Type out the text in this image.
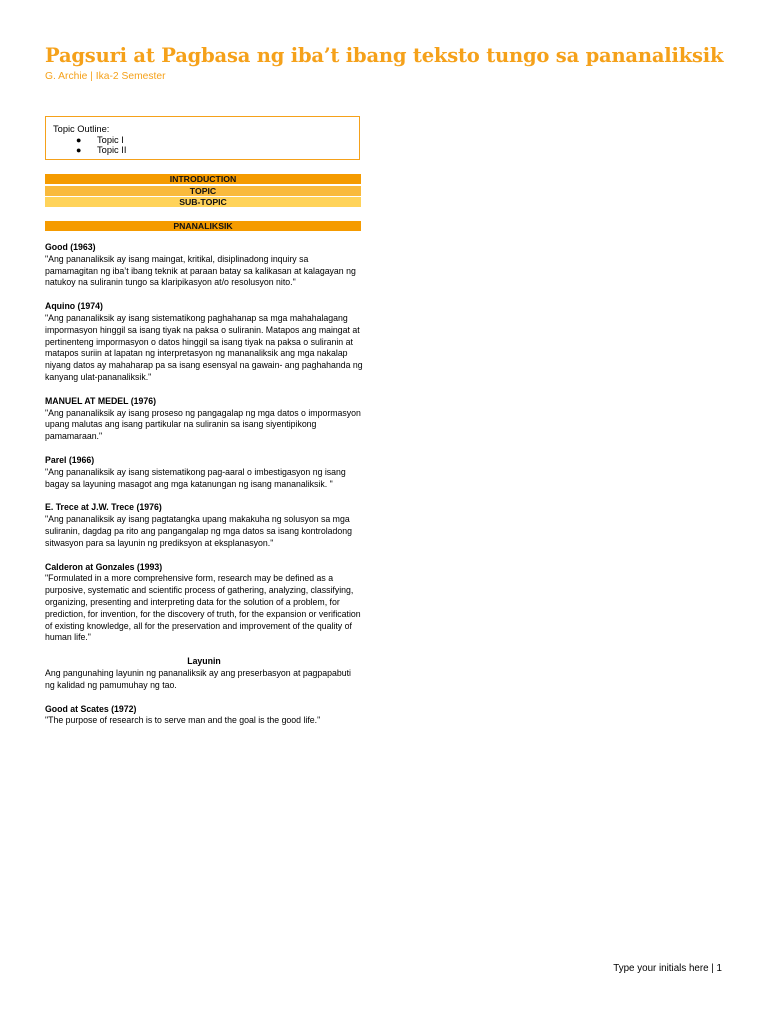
Pagsuri at Pagbasa ng iba’t ibang teksto tungo sa pananaliksik
G. Archie | Ika-2 Semester
Topic Outline:
● Topic I
● Topic II
INTRODUCTION
TOPIC
SUB-TOPIC
PNANALIKSIK
Good (1963)
"Ang pananaliksik ay isang maingat, kritikal, disiplinadong inquiry sa pamamagitan ng iba’t ibang teknik at paraan batay sa kalikasan at kalagayan ng natukoy na suliranin tungo sa klaripikasyon at/o resolusyon nito."
Aquino (1974)
"Ang pananaliksik ay isang sistematikong paghahanap sa mga mahahalagang impormasyon hinggil sa isang tiyak na paksa o suliranin. Matapos ang maingat at pertinenteng impormasyon o datos hinggil sa isang tiyak na paksa o suliranin at matapos suriin at lapatan ng interpretasyon ng mananaliksik ang mga nakalap niyang datos ay mahaharap pa sa isang esensyal na gawain- ang paghahanda ng kanyang ulat-pananaliksik."
MANUEL AT MEDEL (1976)
"Ang pananaliksik ay isang proseso ng pangagalap ng mga datos o impormasyon upang malutas ang isang partikular na suliranin sa isang siyentipikong pamamaraan."
Parel (1966)
"Ang pananaliksik ay isang sistematikong pag-aaral o imbestigasyon ng isang bagay sa layuning masagot ang mga katanungan ng isang mananaliksik. "
E. Trece at J.W. Trece (1976)
"Ang pananaliksik ay isang pagtatangka upang makakuha ng solusyon sa mga suliranin, dagdag pa rito ang pangangalap ng mga datos sa isang kontroladong sitwasyon para sa layunin ng prediksyon at eksplanasyon."
Calderon at Gonzales (1993)
"Formulated in a more comprehensive form, research may be defined as a purposive, systematic and scientific process of gathering, analyzing, classifying, organizing, presenting and interpreting data for the solution of a problem, for prediction, for invention, for the discovery of truth, for the expansion or verification of existing knowledge, all for the preservation and improvement of the quality of human life."
Layunin
Ang pangunahing layunin ng pananaliksik ay ang preserbasyon at pagpapabuti ng kalidad ng pamumuhay ng tao.
Good at Scates (1972)
"The purpose of research is to serve man and the goal is the good life."
Type your initials here | 1
